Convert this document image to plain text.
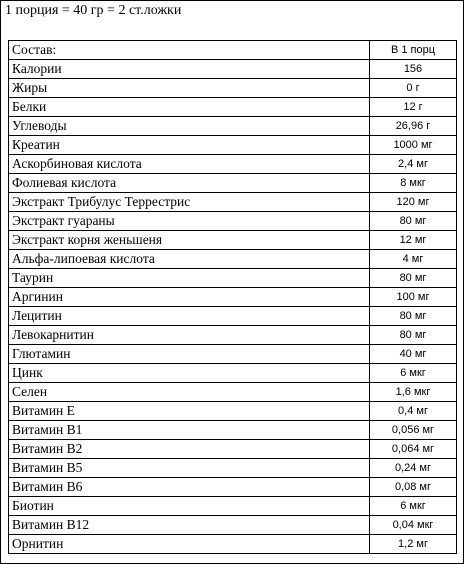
1 порция = 40 гр = 2 ст.ложки
Состав:	В 1 порц
Калории	156
Жиры	0 г
Белки	12 г
Углеводы	26,96 г
Креатин	1000 мг
Аскорбиновая кислота	2,4 мг
Фолиевая кислота	8 мкг
Экстракт Трибулус Террестрис	120 мг
Экстракт гуараны	80 мг
Экстракт корня женьшеня	12 мг
Альфа-липоевая кислота	4 мг
Таурин	80 мг
Аргинин	100 мг
Лецитин	80 мг
Левокарнитин	80 мг
Глютамин	40 мг
Цинк	6 мкг
Селен	1,6 мкг
Витамин Е	0,4 мг
Витамин В1	0,056 мг
Витамин В2	0,064 мг
Витамин В5	0,24 мг
Витамин В6	0,08 мг
Биотин	6 мкг
Витамин В12	0,04 мкг
Орнитин	1,2 мг
